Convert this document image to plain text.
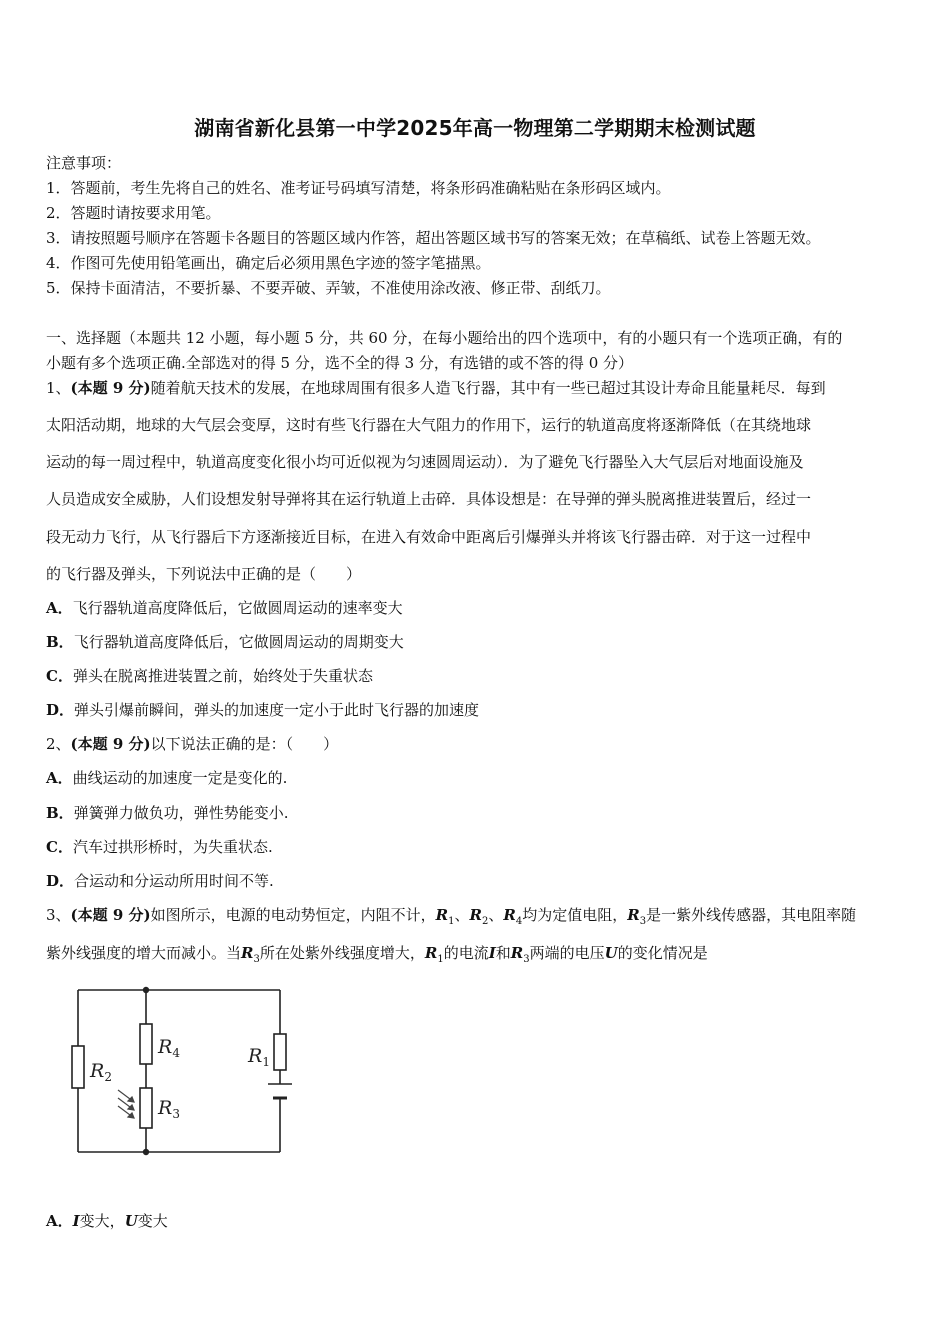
湖南省新化县第一中学2025年高一物理第二学期期末检测试题
注意事项：
1．答题前，考生先将自己的姓名、准考证号码填写清楚，将条形码准确粘贴在条形码区域内。
2．答题时请按要求用笔。
3．请按照题号顺序在答题卡各题目的答题区域内作答，超出答题区域书写的答案无效；在草稿纸、试卷上答题无效。
4．作图可先使用铅笔画出，确定后必须用黑色字迹的签字笔描黑。
5．保持卡面清洁，不要折暴、不要弄破、弄皱，不准使用涂改液、修正带、刮纸刀。
一、选择题（本题共 12 小题，每小题 5 分，共 60 分，在每小题给出的四个选项中，有的小题只有一个选项正确，有的
小题有多个选项正确.全部选对的得 5 分，选不全的得 3 分，有选错的或不答的得 0 分）
1、(本题 9 分)随着航天技术的发展，在地球周围有很多人造飞行器，其中有一些已超过其设计寿命且能量耗尽．每到
太阳活动期，地球的大气层会变厚，这时有些飞行器在大气阻力的作用下，运行的轨道高度将逐渐降低（在其绕地球
运动的每一周过程中，轨道高度变化很小均可近似视为匀速圆周运动）．为了避免飞行器坠入大气层后对地面设施及
人员造成安全威胁，人们设想发射导弹将其在运行轨道上击碎．具体设想是：在导弹的弹头脱离推进装置后，经过一
段无动力飞行，从飞行器后下方逐渐接近目标，在进入有效命中距离后引爆弹头并将该飞行器击碎．对于这一过程中
的飞行器及弹头，下列说法中正确的是（　　）
A．飞行器轨道高度降低后，它做圆周运动的速率变大
B．飞行器轨道高度降低后，它做圆周运动的周期变大
C．弹头在脱离推进装置之前，始终处于失重状态
D．弹头引爆前瞬间，弹头的加速度一定小于此时飞行器的加速度
2、(本题 9 分)以下说法正确的是：（　　）
A．曲线运动的加速度一定是变化的.
B．弹簧弹力做负功，弹性势能变小.
C．汽车过拱形桥时，为失重状态.
D．合运动和分运动所用时间不等.
3、(本题 9 分)如图所示，电源的电动势恒定，内阻不计，$R_1$、$R_2$、$R_4$均为定值电阻，$R_3$是一紫外线传感器，其电阻率随
紫外线强度的增大而减小。当$R_3$所在处紫外线强度增大，$R_1$的电流I和$R_3$两端的电压U的变化情况是
$R_2$
$R_4$
$R_3$
$R_1$
A．I变大，U变大
